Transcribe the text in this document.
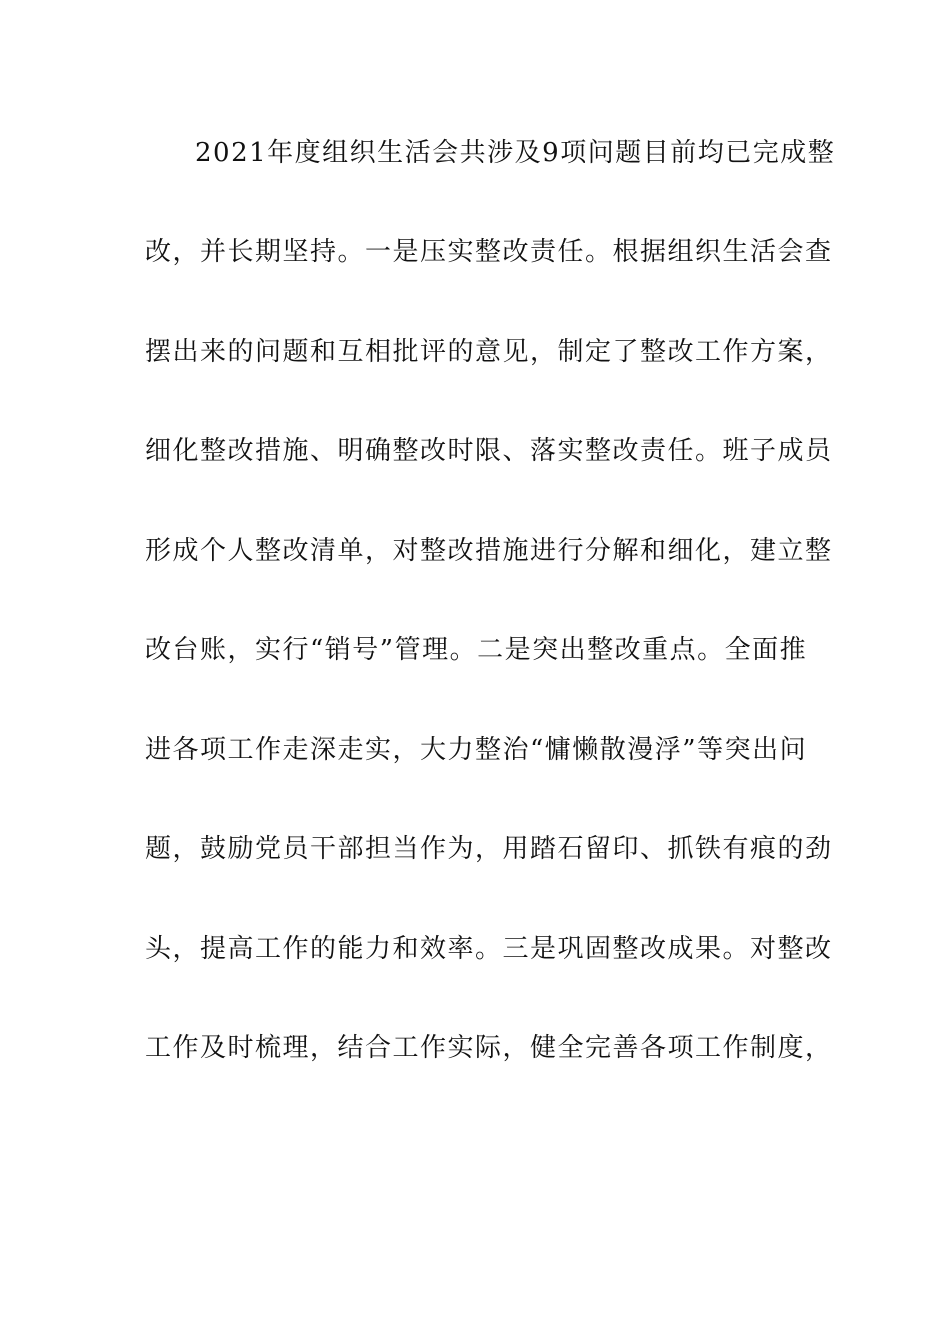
2021年度组织生活会共涉及9项问题目前均已完成整
改，并长期坚持。一是压实整改责任。根据组织生活会查
摆出来的问题和互相批评的意见，制定了整改工作方案，
细化整改措施、明确整改时限、落实整改责任。班子成员
形成个人整改清单，对整改措施进行分解和细化，建立整
改台账，实行“销号”管理。二是突出整改重点。全面推
进各项工作走深走实，大力整治“慵懒散漫浮”等突出问
题，鼓励党员干部担当作为，用踏石留印、抓铁有痕的劲
头，提高工作的能力和效率。三是巩固整改成果。对整改
工作及时梳理，结合工作实际，健全完善各项工作制度，
